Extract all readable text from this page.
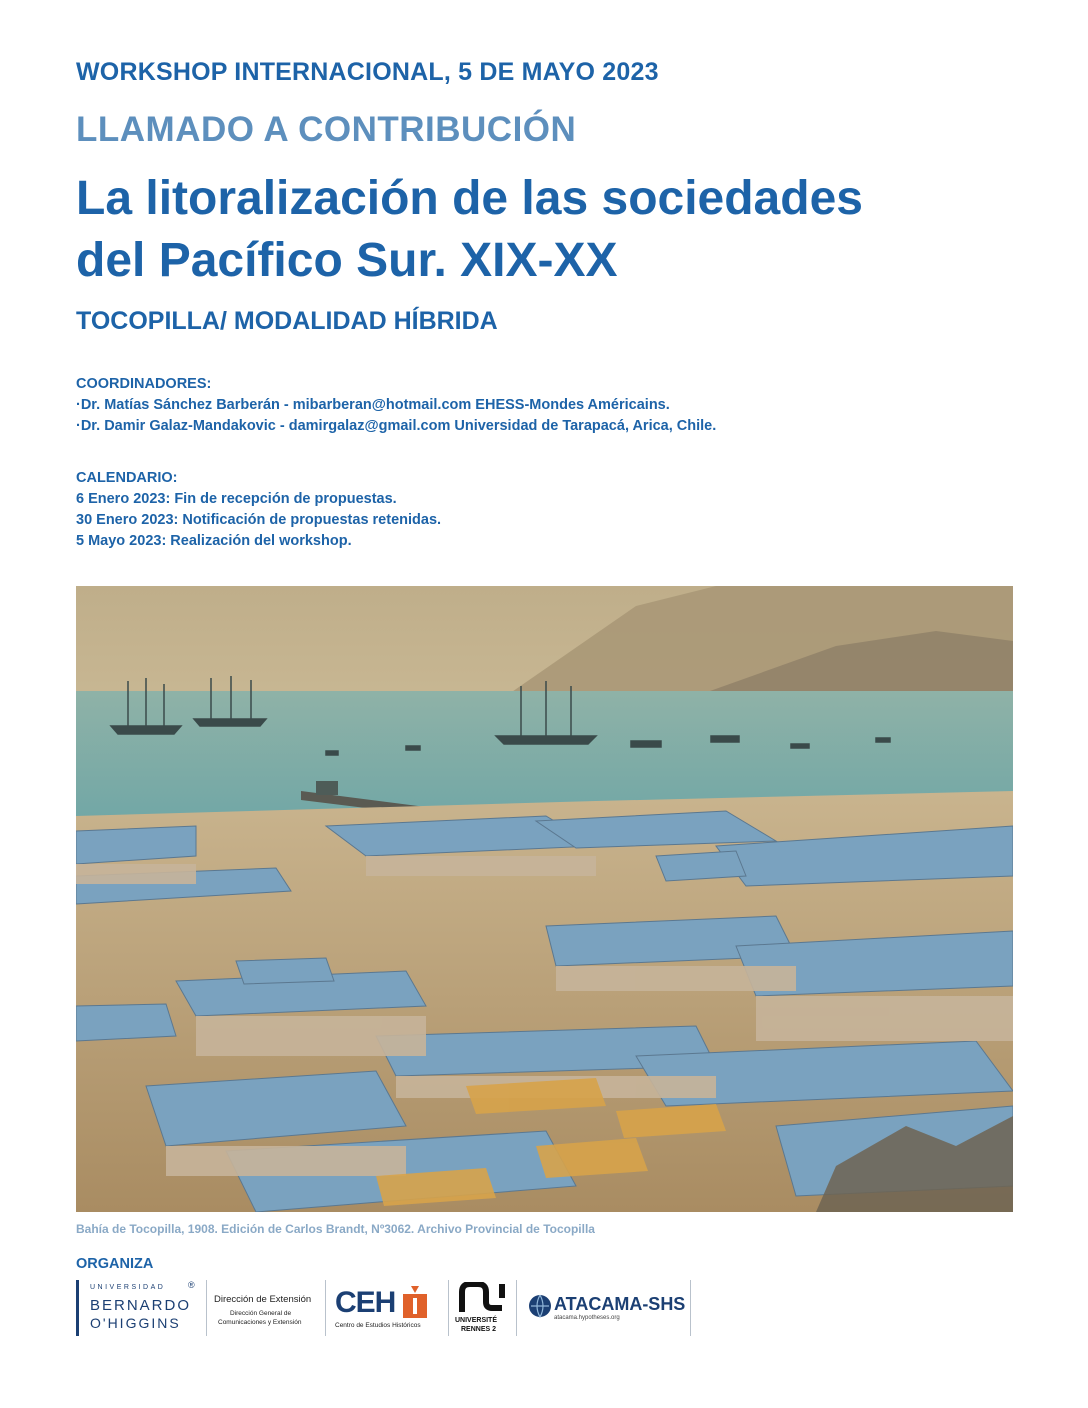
WORKSHOP INTERNACIONAL, 5 DE MAYO 2023
LLAMADO A CONTRIBUCIÓN
La litoralización de las sociedades
del Pacífico Sur. XIX-XX
TOCOPILLA/ MODALIDAD HÍBRIDA
COORDINADORES:
·Dr. Matías Sánchez Barberán - mibarberan@hotmail.com EHESS-Mondes Américains.
·Dr. Damir Galaz-Mandakovic - damirgalaz@gmail.com Universidad de Tarapacá, Arica, Chile.
CALENDARIO:
6 Enero 2023: Fin de recepción de propuestas.
30 Enero 2023: Notificación de propuestas retenidas.
5 Mayo 2023: Realización del workshop.
Bahía de Tocopilla, 1908. Edición de Carlos Brandt, Nº3062. Archivo Provincial de Tocopilla
ORGANIZA
UNIVERSIDAD	®
BERNARDO
O'HIGGINS
Dirección de Extensión
Dirección General de
Comunicaciones y Extensión
CEH
Centro de Estudios Históricos
UNIVERSITÉ
RENNES 2
ATACAMA-SHS
atacama.hypotheses.org
